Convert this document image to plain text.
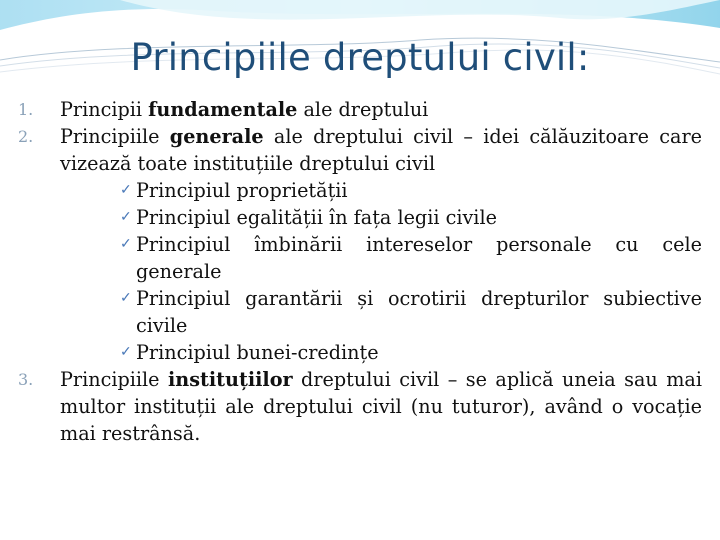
Principiile dreptului civil:
1.	Principii fundamentale ale dreptului
2.	Principiile generale ale dreptului civil – idei călăuzitoare care vizează toate instituțiile dreptului civil
✓ Principiul proprietății
✓ Principiul egalității în fața legii civile
✓ Principiul îmbinării intereselor personale cu cele generale
✓ Principiul garantării și ocrotirii drepturilor subiective civile
✓ Principiul bunei-credințe
3.	Principiile instituțiilor dreptului civil – se aplică uneia sau mai multor instituții ale dreptului civil (nu tuturor), având o vocație mai restrânsă.
